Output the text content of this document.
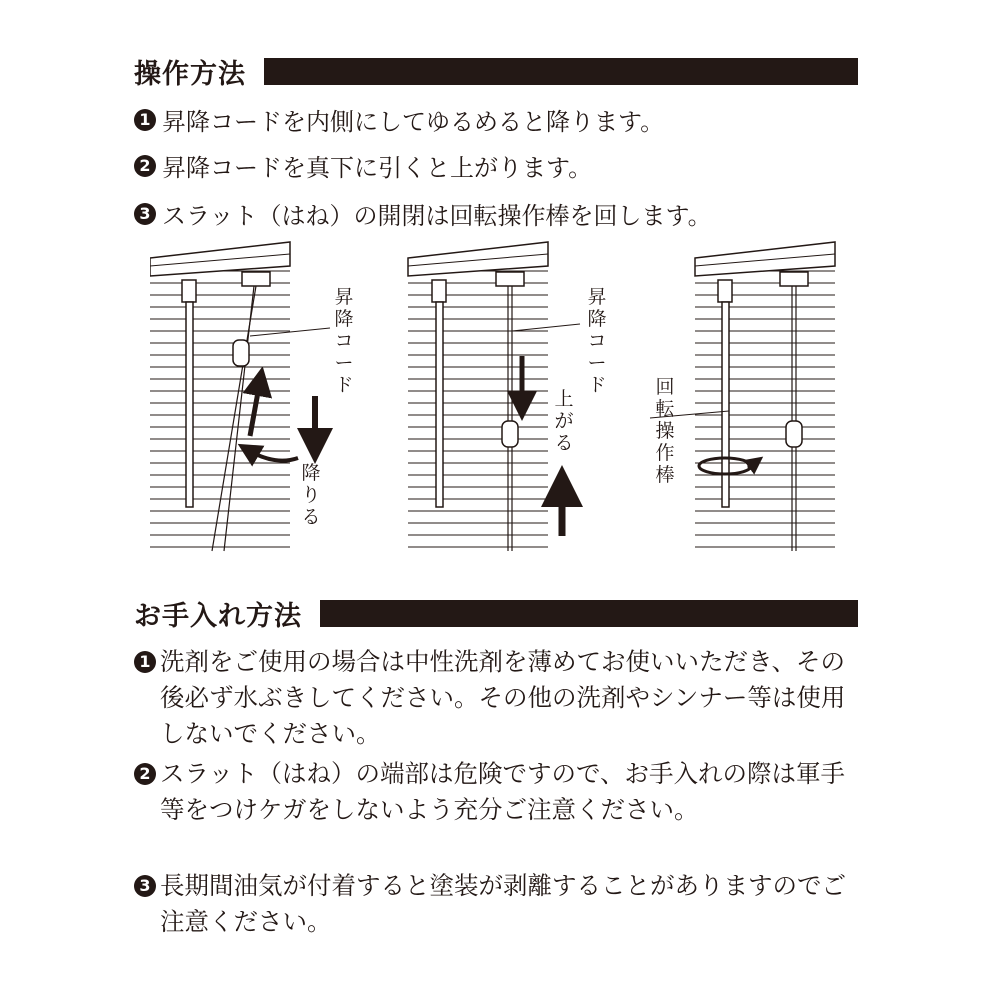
操作方法
1 昇降コードを内側にしてゆるめると降ります。
2 昇降コードを真下に引くと上がります。
3 スラット（はね）の開閉は回転操作棒を回します。
昇降コード
降りる
昇降コード
上がる
回転操作棒
お手入れ方法
1 洗剤をご使用の場合は中性洗剤を薄めてお使いいただき、その後必ず水ぶきしてください。その他の洗剤やシンナー等は使用しないでください。
2 スラット（はね）の端部は危険ですので、お手入れの際は軍手等をつけケガをしないよう充分ご注意ください。
3 長期間油気が付着すると塗装が剥離することがありますのでご注意ください。
